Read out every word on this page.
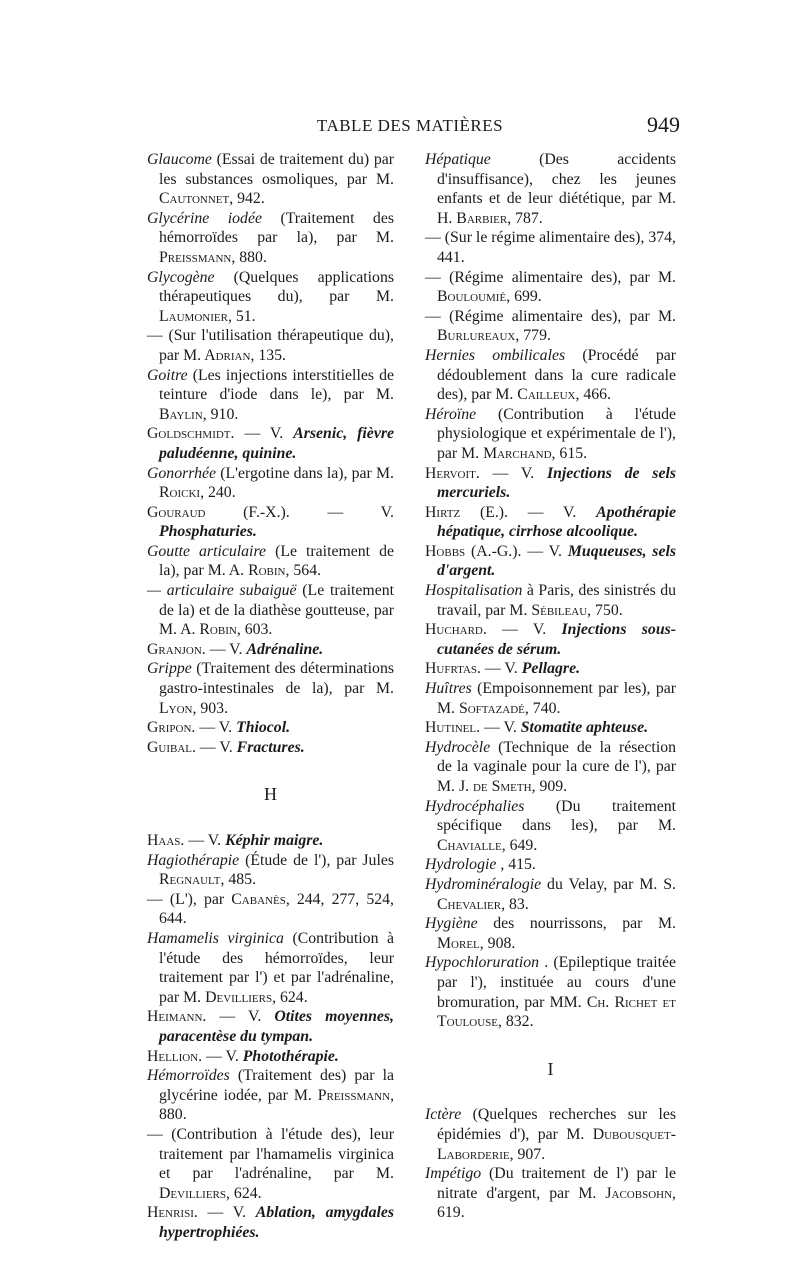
TABLE DES MATIÈRES	949
Glaucome (Essai de traitement du) par les substances osmoliques, par M. Cautonnet, 942.
Glycérine iodée (Traitement des hémorroïdes par la), par M. Preissmann, 880.
Glycogène (Quelques applications thérapeutiques du), par M. Laumonier, 51.
— (Sur l'utilisation thérapeutique du), par M. Adrian, 135.
Goitre (Les injections interstitielles de teinture d'iode dans le), par M. Baylin, 910.
Goldschmidt. — V. Arsenic, fièvre paludéenne, quinine.
Gonorrhée (L'ergotine dans la), par M. Roicki, 240.
Gouraud (F.-X.). — V. Phosphaturies.
Goutte articulaire (Le traitement de la), par M. A. Robin, 564.
— articulaire subaiguë (Le traitement de la) et de la diathèse goutteuse, par M. A. Robin, 603.
Granjon. — V. Adrénaline.
Grippe (Traitement des déterminations gastro-intestinales de la), par M. Lyon, 903.
Gripon. — V. Thiocol.
Guibal. — V. Fractures.
H
Haas. — V. Képhir maigre.
Hagiothérapie (Étude de l'), par Jules Regnault, 485.
— (L'), par Cabanès, 244, 277, 524, 644.
Hamamelis virginica (Contribution à l'étude des hémorroïdes, leur traitement par l') et par l'adrénaline, par M. Devilliers, 624.
Heimann. — V. Otites moyennes, paracentèse du tympan.
Hellion. — V. Photothérapie.
Hémorroïdes (Traitement des) par la glycérine iodée, par M. Preissmann, 880.
— (Contribution à l'étude des), leur traitement par l'hamamelis virginica et par l'adrénaline, par M. Devilliers, 624.
Henrisi. — V. Ablation, amygdales hypertrophiées.
Hépatique	(Des accidents d'insuffisance), chez les jeunes enfants et de leur diététique, par M. H. Barbier, 787.
— (Sur le régime alimentaire des), 374, 441.
— (Régime alimentaire des), par M. Bouloumié, 699.
— (Régime alimentaire des), par M. Burlureaux, 779.
Hernies ombilicales (Procédé par dédoublement dans la cure radicale des), par M. Cailleux, 466.
Héroïne (Contribution à l'étude physiologique et expérimentale de l'), par M. Marchand, 615.
Hervoit. — V. Injections de sels mercuriels.
Hirtz (E.). — V. Apothérapie hépatique, cirrhose alcoolique.
Hobbs (A.-G.). — V. Muqueuses, sels d'argent.
Hospitalisation à Paris, des sinistrés du travail, par M. Sébileau, 750.
Huchard. — V. Injections sous-cutanées de sérum.
Hufrtas. — V. Pellagre.
Huîtres (Empoisonnement par les), par M. Softazadé, 740.
Hutinel. — V. Stomatite aphteuse.
Hydrocèle (Technique de la résection de la vaginale pour la cure de l'), par M. J. de Smeth, 909.
Hydrocéphalies (Du traitement spécifique dans les), par M. Chavialle, 649.
Hydrologie , 415.
Hydrominéralogie du Velay, par M. S. Chevalier, 83.
Hygiène des nourrissons, par M. Morel, 908.
Hypochloruration . (Epileptique traitée par l'), instituée au cours d'une bromuration, par MM. Ch. Richet et Toulouse, 832.
I
Ictère (Quelques recherches sur les épidémies d'), par M. Dubousquet-Laborderie, 907.
Impétigo (Du traitement de l') par le nitrate d'argent, par M. Jacobsohn, 619.
